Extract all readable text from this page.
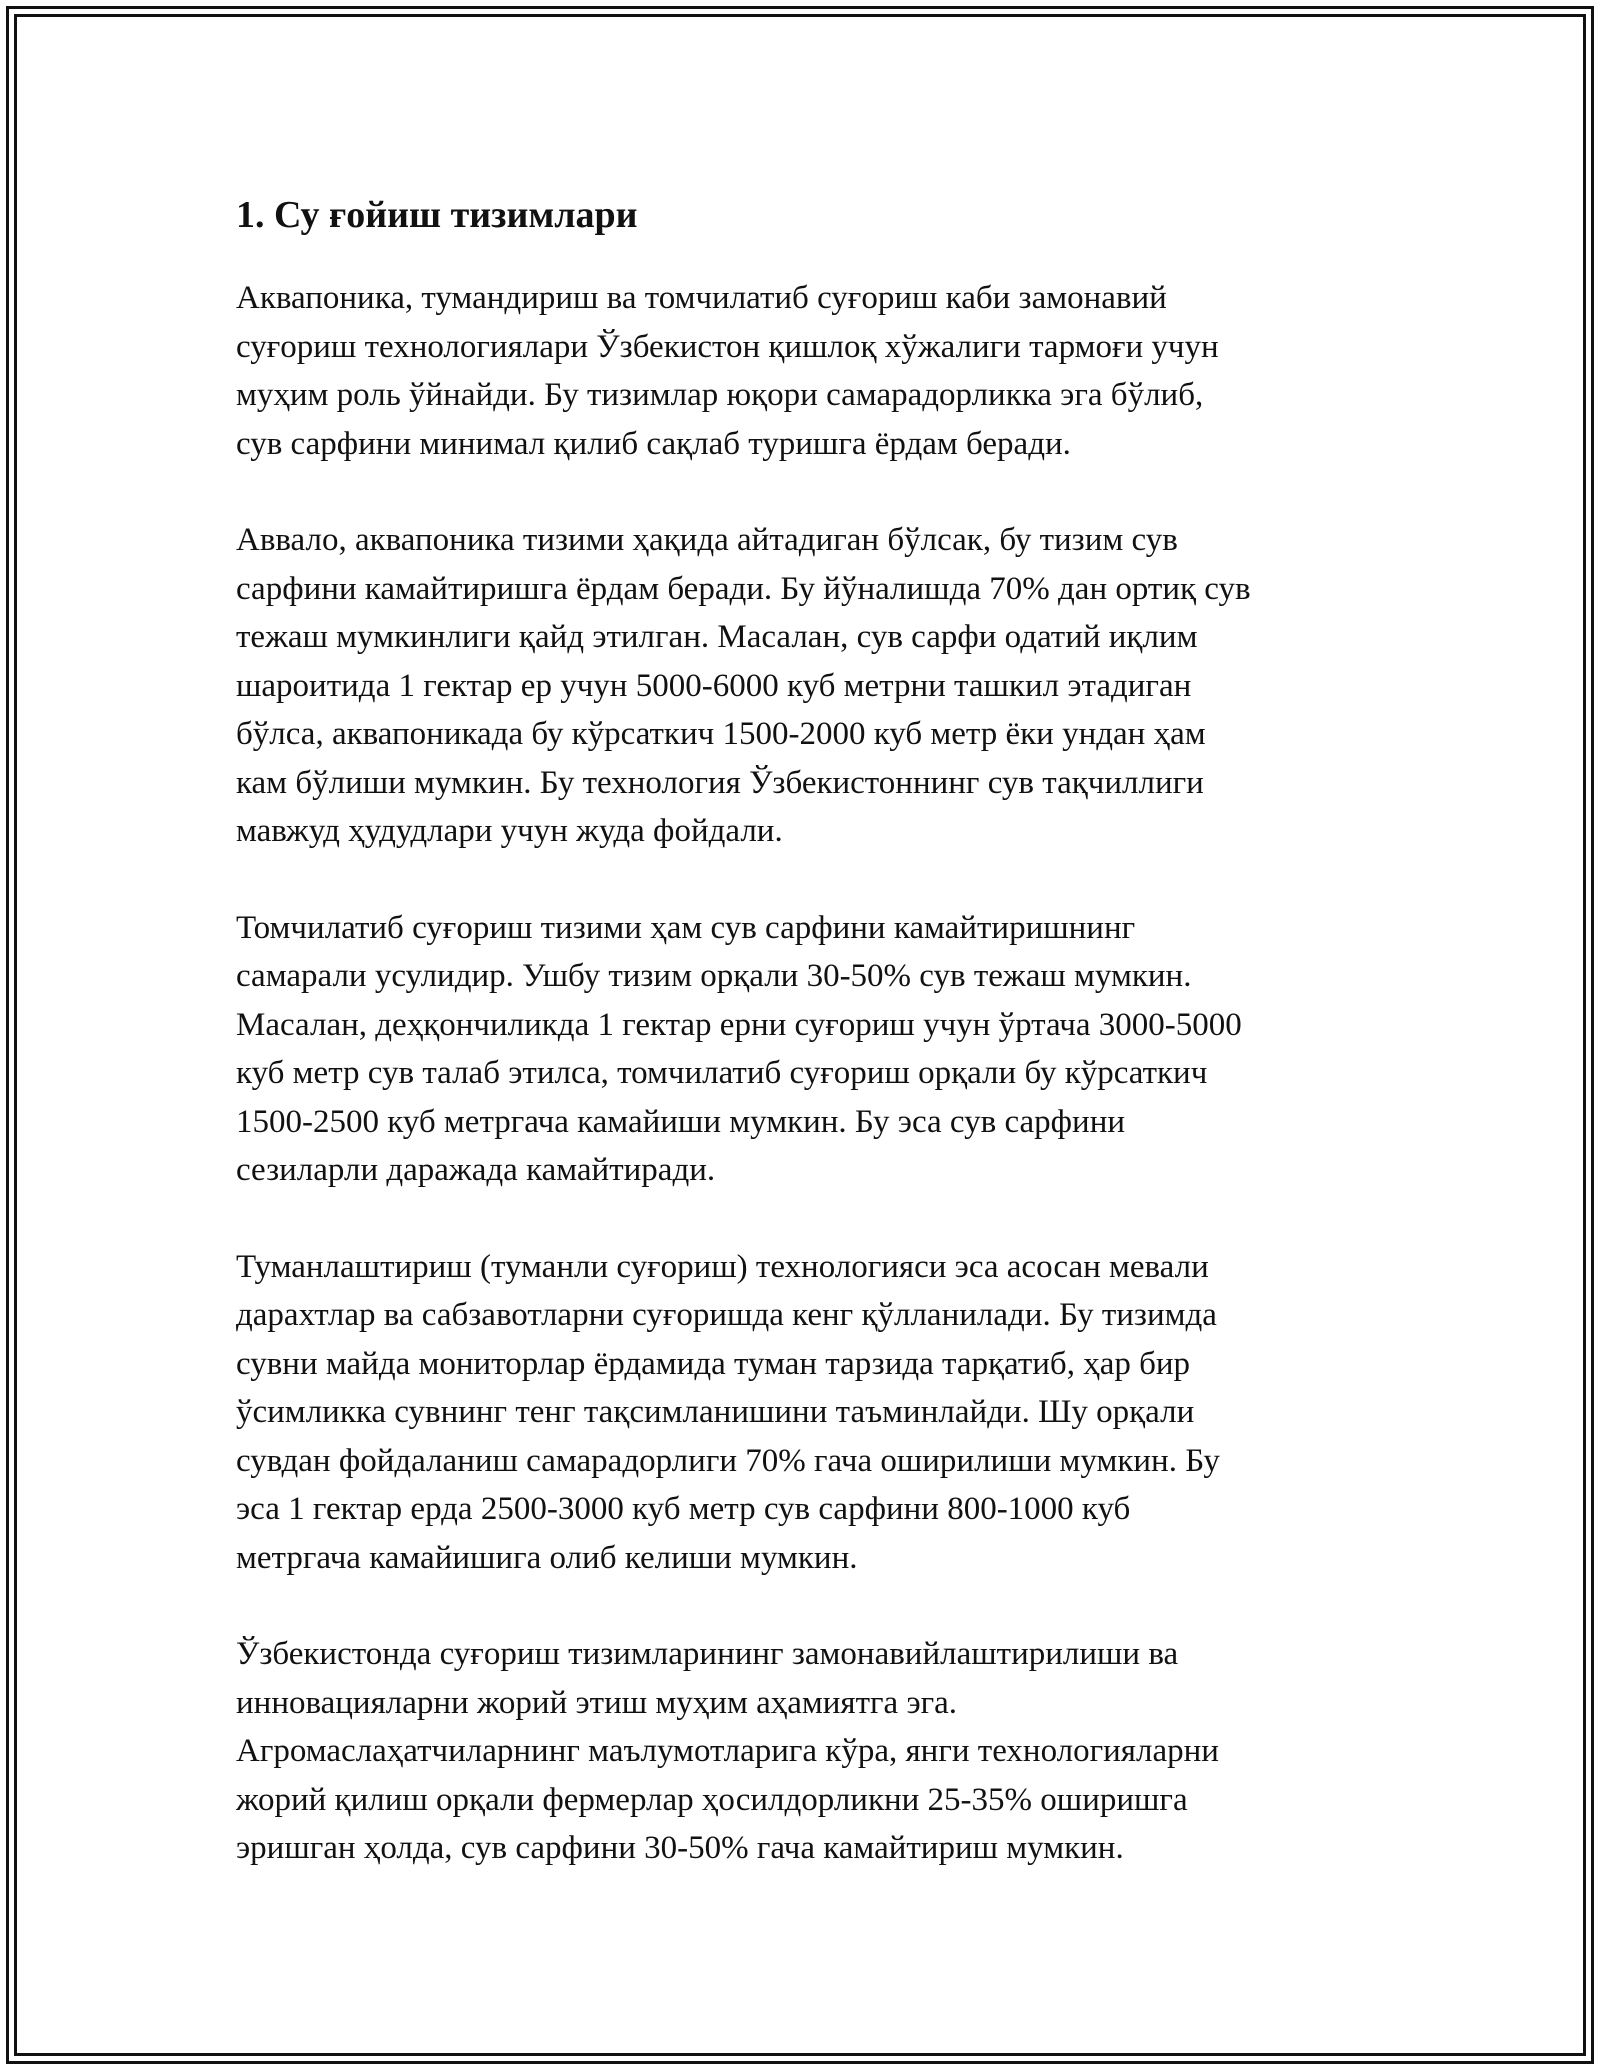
1. Су ғойиш тизимлари

Аквапоника, тумандириш ва томчилатиб суғориш каби замонавий
суғориш технологиялари Ўзбекистон қишлоқ хўжалиги тармоғи учун
муҳим роль ўйнайди. Бу тизимлар юқори самарадорликка эга бўлиб,
сув сарфини минимал қилиб сақлаб туришга ёрдам беради.

Аввало, аквапоника тизими ҳақида айтадиган бўлсак, бу тизим сув
сарфини камайтиришга ёрдам беради. Бу йўналишда 70% дан ортиқ сув
тежаш мумкинлиги қайд этилган. Масалан, сув сарфи одатий иқлим
шароитида 1 гектар ер учун 5000-6000 куб метрни ташкил этадиган
бўлса, аквапоникада бу кўрсаткич 1500-2000 куб метр ёки ундан ҳам
кам бўлиши мумкин. Бу технология Ўзбекистоннинг сув тақчиллиги
мавжуд ҳудудлари учун жуда фойдали.

Томчилатиб суғориш тизими ҳам сув сарфини камайтиришнинг
самарали усулидир. Ушбу тизим орқали 30-50% сув тежаш мумкин.
Масалан, деҳқончиликда 1 гектар ерни суғориш учун ўртача 3000-5000
куб метр сув талаб этилса, томчилатиб суғориш орқали бу кўрсаткич
1500-2500 куб метргача камайиши мумкин. Бу эса сув сарфини
сезиларли даражада камайтиради.

Туманлаштириш (туманли суғориш) технологияси эса асосан мевали
дарахтлар ва сабзавотларни суғоришда кенг қўлланилади. Бу тизимда
сувни майда мониторлар ёрдамида туман тарзида тарқатиб, ҳар бир
ўсимликка сувнинг тенг тақсимланишини таъминлайди. Шу орқали
сувдан фойдаланиш самарадорлиги 70% гача оширилиши мумкин. Бу
эса 1 гектар ерда 2500-3000 куб метр сув сарфини 800-1000 куб
метргача камайишига олиб келиши мумкин.

Ўзбекистонда суғориш тизимларининг замонавийлаштирилиши ва
инновацияларни жорий этиш муҳим аҳамиятга эга.
Агромаслаҳатчиларнинг маълумотларига кўра, янги технологияларни
жорий қилиш орқали фермерлар ҳосилдорликни 25-35% оширишга
эришган ҳолда, сув сарфини 30-50% гача камайтириш мумкин.
